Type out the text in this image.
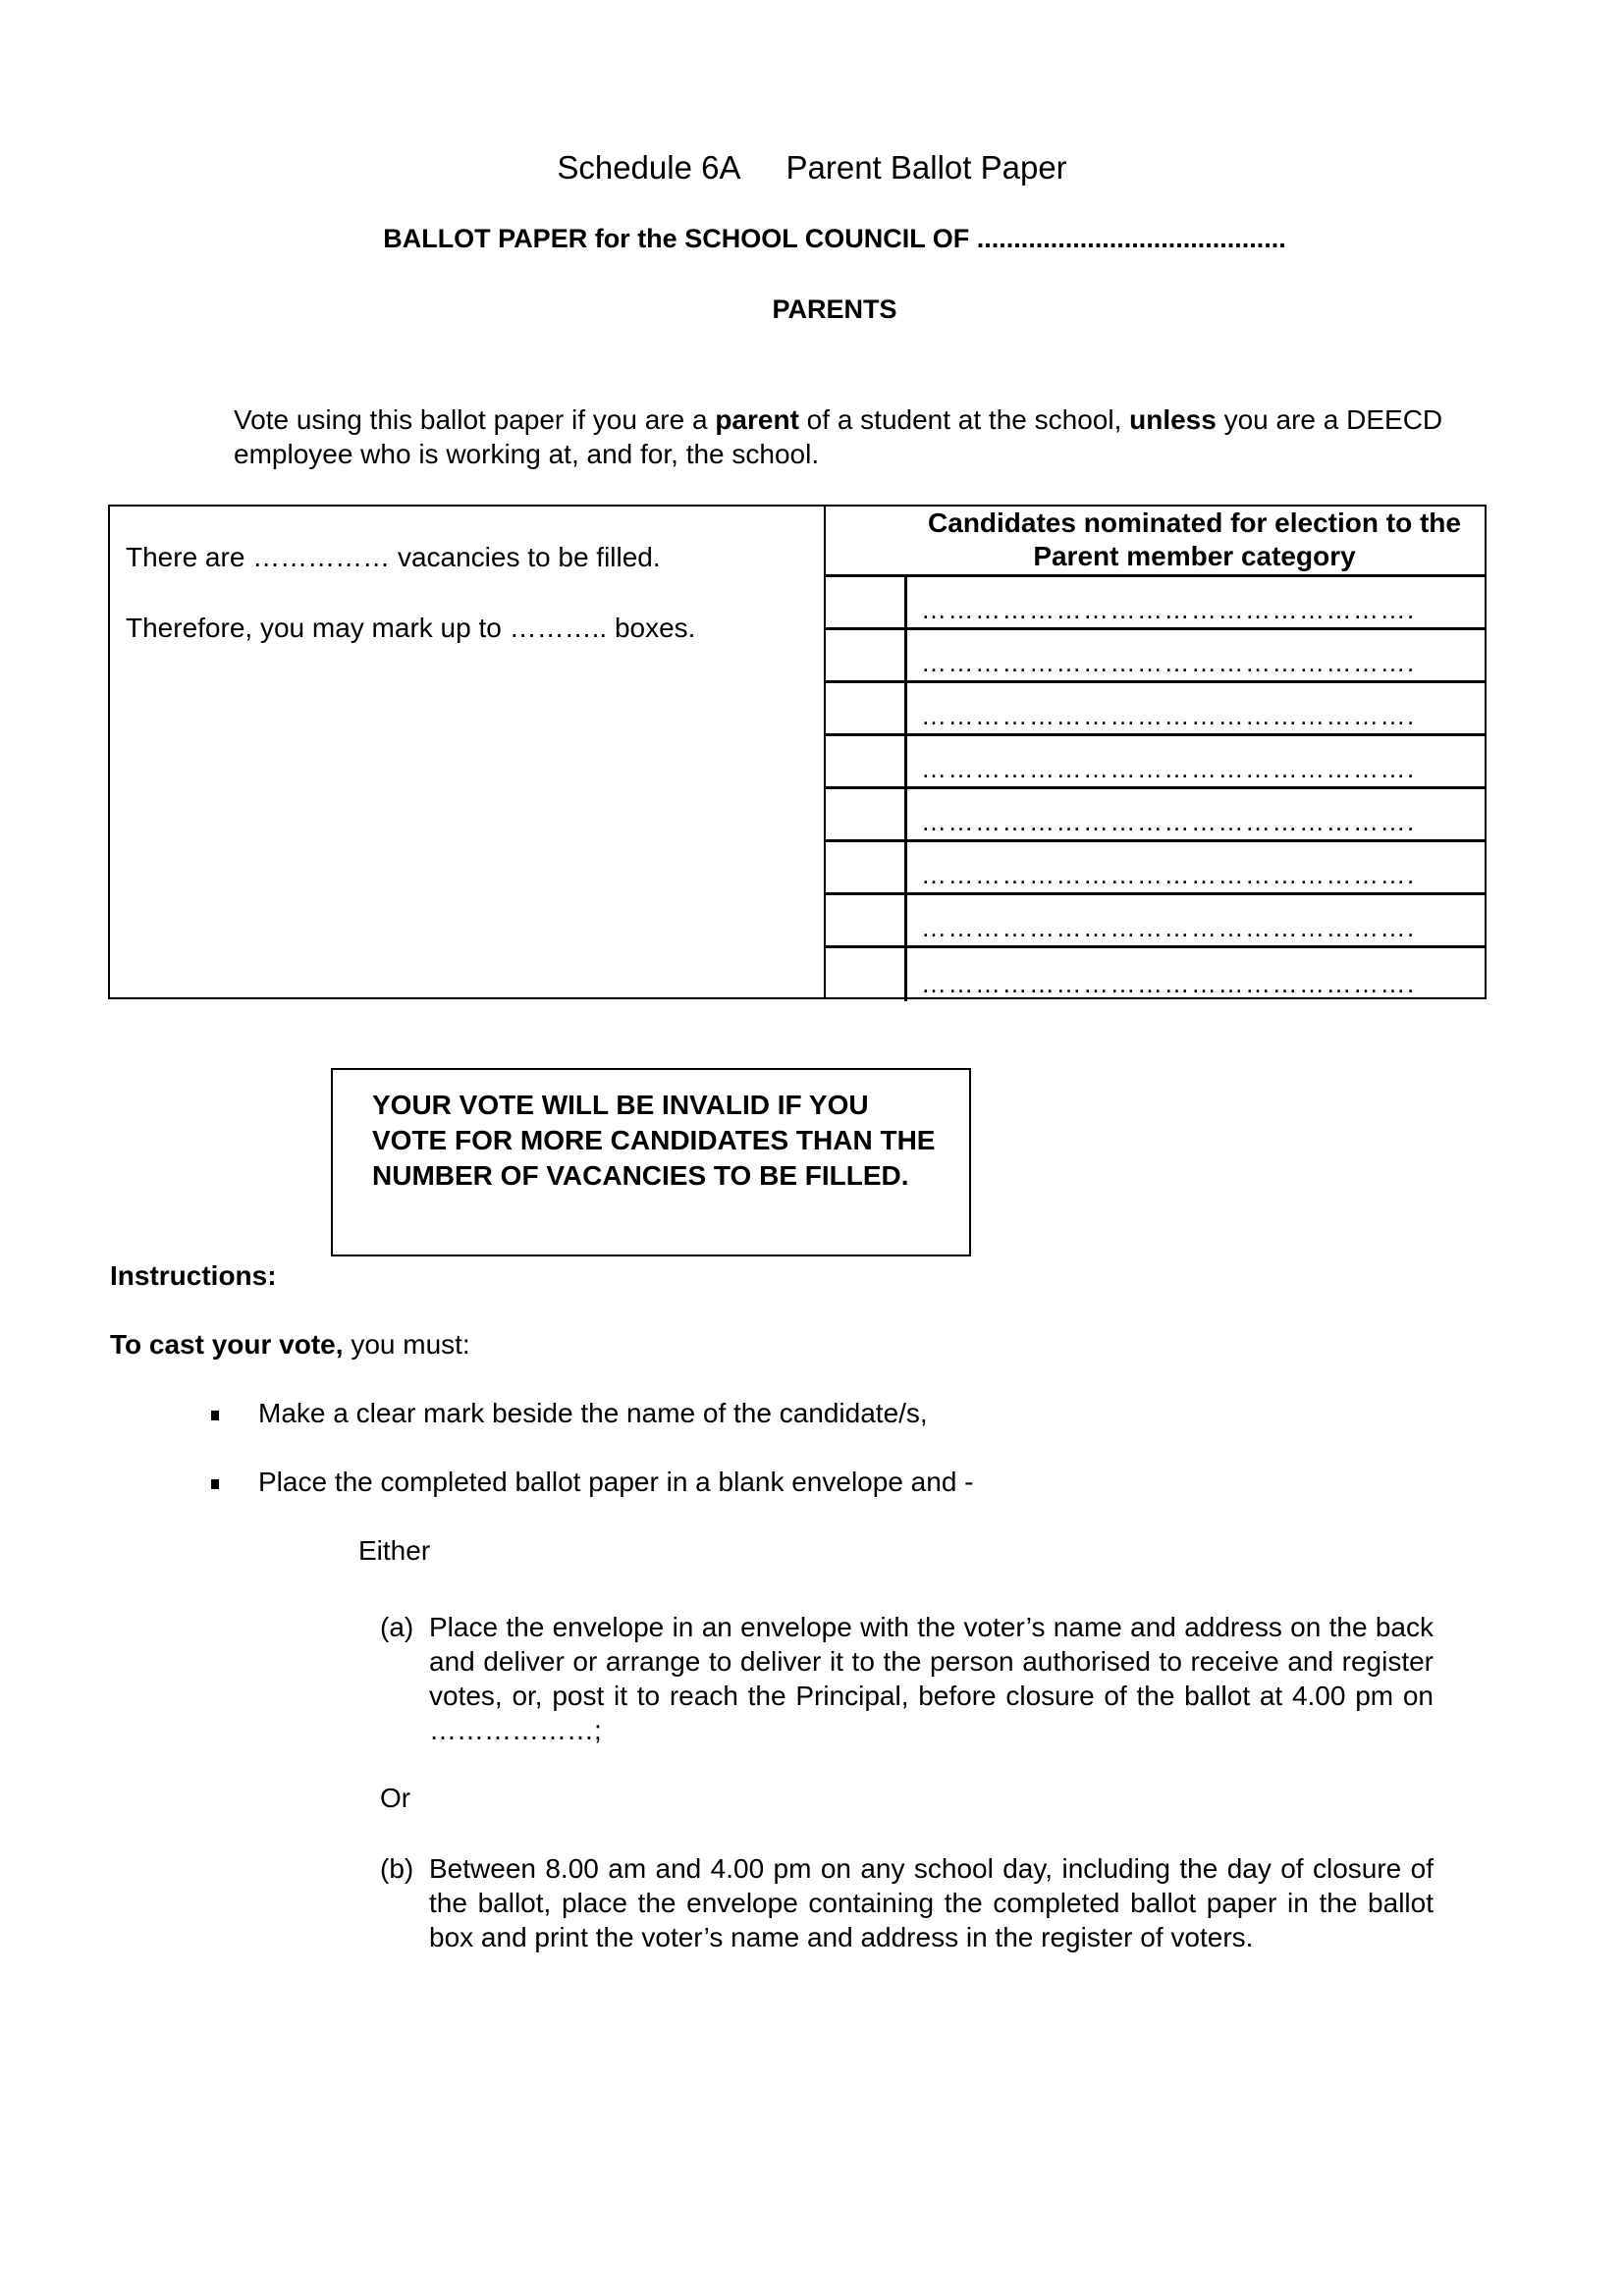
Schedule 6A Parent Ballot Paper
BALLOT PAPER for the SCHOOL COUNCIL OF ..........................................
PARENTS
Vote using this ballot paper if you are a parent of a student at the school, unless you are a DEECD employee who is working at, and for, the school.
There are …………… vacancies to be filled.
Therefore, you may mark up to ……….. boxes.
Candidates nominated for election to the Parent member category
……………………………………………….
……………………………………………….
……………………………………………….
……………………………………………….
……………………………………………….
……………………………………………….
……………………………………………….
……………………………………………….
YOUR VOTE WILL BE INVALID IF YOU VOTE FOR MORE CANDIDATES THAN THE NUMBER OF VACANCIES TO BE FILLED.
Instructions:
To cast your vote, you must:
Make a clear mark beside the name of the candidate/s,
Place the completed ballot paper in a blank envelope and -
Either
(a) Place the envelope in an envelope with the voter’s name and address on the back and deliver or arrange to deliver it to the person authorised to receive and register votes, or, post it to reach the Principal, before closure of the ballot at 4.00 pm on ………………;
Or
(b) Between 8.00 am and 4.00 pm on any school day, including the day of closure of the ballot, place the envelope containing the completed ballot paper in the ballot box and print the voter’s name and address in the register of voters.
